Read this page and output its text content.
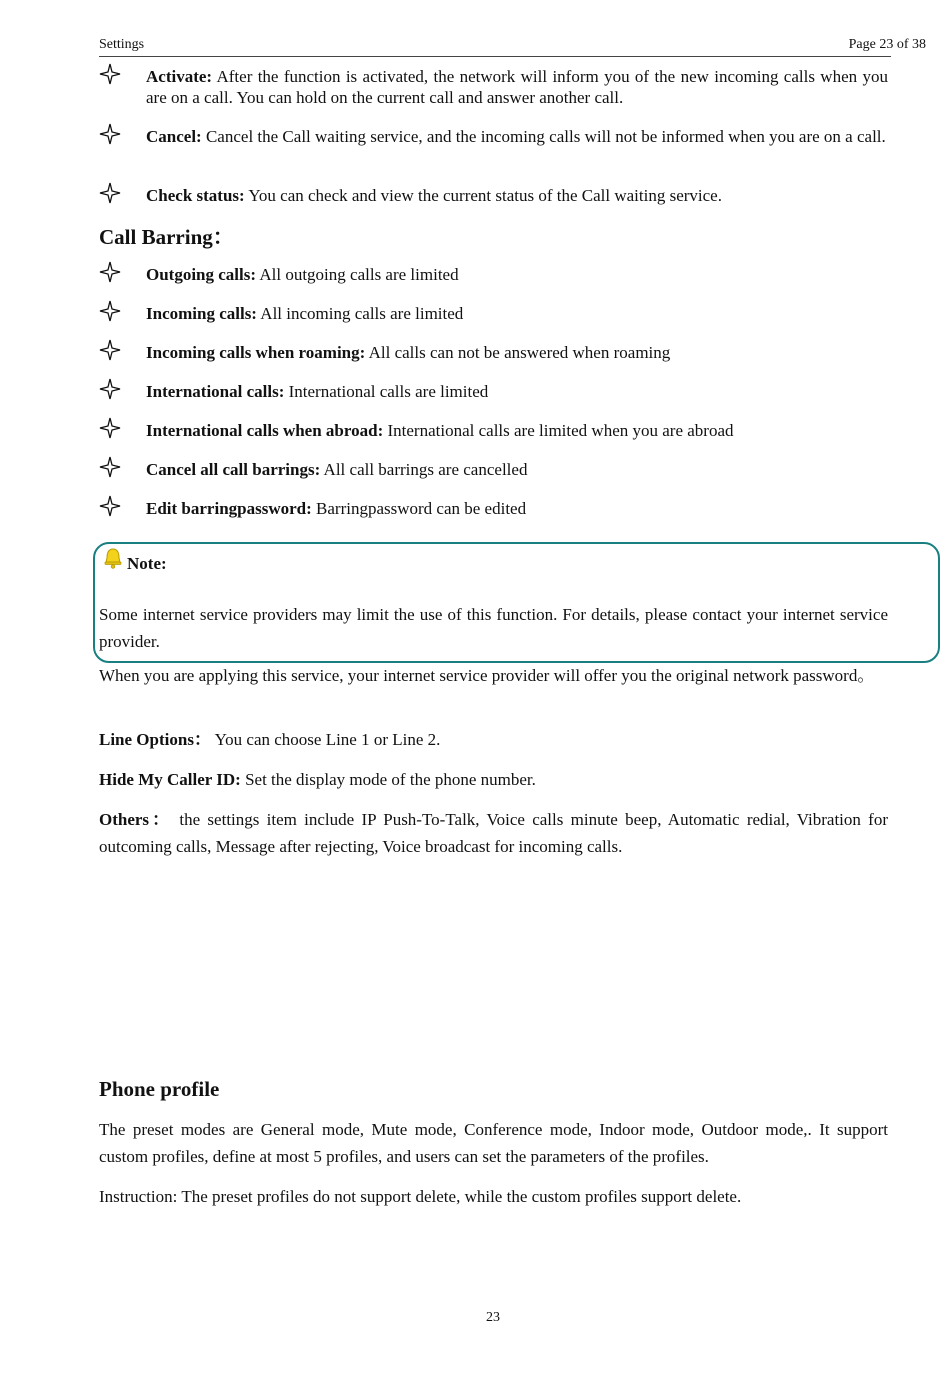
Settings	Page 23 of 38
Activate: After the function is activated, the network will inform you of the new incoming calls when you are on a call. You can hold on the current call and answer another call.
Cancel: Cancel the Call waiting service, and the incoming calls will not be informed when you are on a call.
Check status: You can check and view the current status of the Call waiting service.
Call Barring：
Outgoing calls: All outgoing calls are limited
Incoming calls: All incoming calls are limited
Incoming calls when roaming: All calls can not be answered when roaming
International calls: International calls are limited
International calls when abroad: International calls are limited when you are abroad
Cancel all call barrings: All call barrings are cancelled
Edit barringpassword: Barringpassword can be edited
Note:
Some internet service providers may limit the use of this function. For details, please contact your internet service provider.
When you are applying this service, your internet service provider will offer you the original network password。
Line Options： You can choose Line 1 or Line 2.
Hide My Caller ID: Set the display mode of the phone number.
Others： the settings item include IP Push-To-Talk, Voice calls minute beep, Automatic redial, Vibration for outcoming calls, Message after rejecting, Voice broadcast for incoming calls.
Phone profile
The preset modes are General mode, Mute mode, Conference mode, Indoor mode, Outdoor mode,. It support custom profiles, define at most 5 profiles, and users can set the parameters of the profiles.
Instruction: The preset profiles do not support delete, while the custom profiles support delete.
23
